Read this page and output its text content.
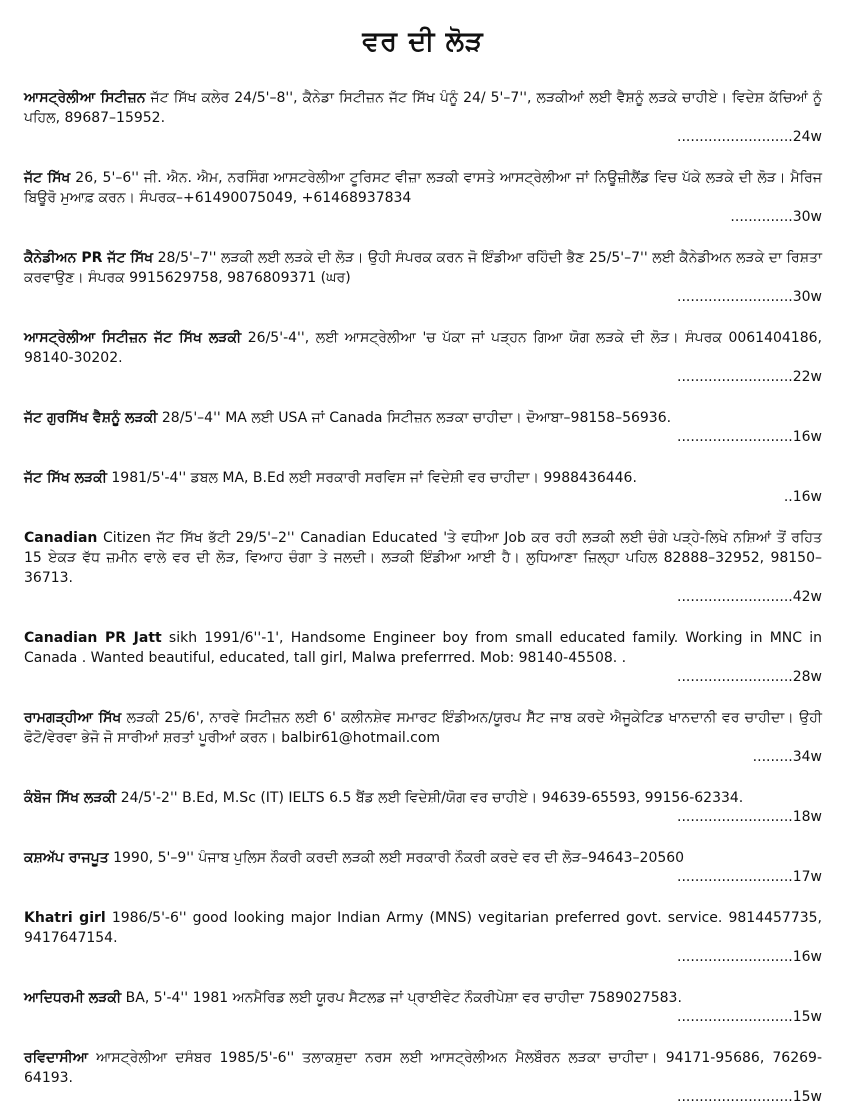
ਵਰ ਦੀ ਲੋੜ
ਆਸਟ੍ਰੇਲੀਆ ਸਿਟੀਜ਼ਨ ਜੱਟ ਸਿੱਖ ਕਲੇਰ 24/5'–8'', ਕੈਨੇਡਾ ਸਿਟੀਜ਼ਨ ਜੱਟ ਸਿੱਖ ਪੰਨੂੰ 24/ 5'–7'', ਲੜਕੀਆਂ ਲਈ ਵੈਸ਼ਨੂੰ ਲੜਕੇ ਚਾਹੀਏ। ਵਿਦੇਸ਼ ਕੱਚਿਆਂ ਨੂੰ ਪਹਿਲ, 89687–15952.
..........................24w
ਜੱਟ ਸਿੱਖ 26, 5'–6'' ਜੀ. ਐਨ. ਐਮ, ਨਰਸਿੰਗ ਆਸਟਰੇਲੀਆ ਟੂਰਿਸਟ ਵੀਜ਼ਾ ਲੜਕੀ ਵਾਸਤੇ ਆਸਟ੍ਰੇਲੀਆ ਜਾਂ ਨਿਊਜ਼ੀਲੈਂਡ ਵਿਚ ਪੱਕੇ ਲੜਕੇ ਦੀ ਲੋੜ। ਮੈਰਿਜ ਬਿਊਰੋ ਮੁਆਫ਼ ਕਰਨ। ਸੰਪਰਕ–+61490075049, +61468937834
..............30w
ਕੈਨੇਡੀਅਨ PR ਜੱਟ ਸਿੱਖ 28/5'–7'' ਲੜਕੀ ਲਈ ਲੜਕੇ ਦੀ ਲੋੜ। ਉਹੀ ਸੰਪਰਕ ਕਰਨ ਜੋ ਇੰਡੀਆ ਰਹਿੰਦੀ ਭੈਣ 25/5'–7'' ਲਈ ਕੈਨੇਡੀਅਨ ਲੜਕੇ ਦਾ ਰਿਸ਼ਤਾ ਕਰਵਾਉਣ। ਸੰਪਰਕ 9915629758, 9876809371 (ਘਰ)
..........................30w
ਆਸਟ੍ਰੇਲੀਆ ਸਿਟੀਜ਼ਨ ਜੱਟ ਸਿੱਖ ਲੜਕੀ 26/5'-4'', ਲਈ ਆਸਟ੍ਰੇਲੀਆ 'ਚ ਪੱਕਾ ਜਾਂ ਪੜ੍ਹਨ ਗਿਆ ਯੋਗ ਲੜਕੇ ਦੀ ਲੋੜ। ਸੰਪਰਕ 0061404186, 98140-30202.
..........................22w
ਜੱਟ ਗੁਰਸਿੱਖ ਵੈਸ਼ਨੂੰ ਲੜਕੀ 28/5'–4'' MA ਲਈ USA ਜਾਂ Canada ਸਿਟੀਜ਼ਨ ਲੜਕਾ ਚਾਹੀਦਾ। ਦੋਆਬਾ–98158–56936.
..........................16w
ਜੱਟ ਸਿੱਖ ਲੜਕੀ 1981/5'-4'' ਡਬਲ MA, B.Ed ਲਈ ਸਰਕਾਰੀ ਸਰਵਿਸ ਜਾਂ ਵਿਦੇਸ਼ੀ ਵਰ ਚਾਹੀਦਾ। 9988436446.
..16w
Canadian Citizen ਜੱਟ ਸਿੱਖ ਭੱਟੀ 29/5'–2'' Canadian Educated 'ਤੇ ਵਧੀਆ Job ਕਰ ਰਹੀ ਲੜਕੀ ਲਈ ਚੰਗੇ ਪੜ੍ਹੇ-ਲਿਖੇ ਨਸ਼ਿਆਂ ਤੋਂ ਰਹਿਤ 15 ਏਕੜ ਵੱਧ ਜ਼ਮੀਨ ਵਾਲੇ ਵਰ ਦੀ ਲੋੜ, ਵਿਆਹ ਚੰਗਾ ਤੇ ਜਲਦੀ। ਲੜਕੀ ਇੰਡੀਆ ਆਈ ਹੈ। ਲੁਧਿਆਣਾ ਜ਼ਿਲ੍ਹਾ ਪਹਿਲ 82888–32952, 98150–36713.
..........................42w
Canadian PR Jatt sikh 1991/6''-1', Handsome Engineer boy from small educated family. Working in MNC in Canada . Wanted beautiful, educated, tall girl, Malwa preferrred. Mob: 98140-45508. .
..........................28w
ਰਾਮਗੜ੍ਹੀਆ ਸਿੱਖ ਲੜਕੀ 25/6', ਨਾਰਵੇ ਸਿਟੀਜ਼ਨ ਲਈ 6' ਕਲੀਨਸ਼ੇਵ ਸਮਾਰਟ ਇੰਡੀਅਨ/ਯੂਰਪ ਸੈੱਟ ਜਾਬ ਕਰਦੇ ਐਜੂਕੇਟਿਡ ਖਾਨਦਾਨੀ ਵਰ ਚਾਹੀਦਾ। ਉਹੀ ਫੋਟੋ/ਵੇਰਵਾ ਭੇਜੋ ਜੋ ਸਾਰੀਆਂ ਸ਼ਰਤਾਂ ਪੂਰੀਆਂ ਕਰਨ। balbir61@hotmail.com
.........34w
ਕੰਬੋਜ ਸਿੱਖ ਲੜਕੀ 24/5'-2'' B.Ed, M.Sc (IT) IELTS 6.5 ਬੈਂਡ ਲਈ ਵਿਦੇਸ਼ੀ/ਯੋਗ ਵਰ ਚਾਹੀਏ। 94639-65593, 99156-62334.
..........................18w
ਕਸ਼ਅੱਪ ਰਾਜਪੂਤ 1990, 5'–9'' ਪੰਜਾਬ ਪੁਲਿਸ ਨੌਕਰੀ ਕਰਦੀ ਲੜਕੀ ਲਈ ਸਰਕਾਰੀ ਨੌਕਰੀ ਕਰਦੇ ਵਰ ਦੀ ਲੋੜ–94643–20560
..........................17w
Khatri girl 1986/5'-6'' good looking major Indian Army (MNS) vegitarian preferred govt. service. 9814457735, 9417647154.
..........................16w
ਆਦਿਧਰਮੀ ਲੜਕੀ BA, 5'-4'' 1981 ਅਨਮੈਰਿਡ ਲਈ ਯੂਰਪ ਸੈਟਲਡ ਜਾਂ ਪ੍ਰਾਈਵੇਟ ਨੌਕਰੀਪੇਸ਼ਾ ਵਰ ਚਾਹੀਦਾ 7589027583.
..........................15w
ਰਵਿਦਾਸੀਆ ਆਸਟ੍ਰੇਲੀਆ ਦਸੰਬਰ 1985/5'-6'' ਤਲਾਕਸ਼ੁਦਾ ਨਰਸ ਲਈ ਆਸਟ੍ਰੇਲੀਅਨ ਮੈਲਬੌਰਨ ਲੜਕਾ ਚਾਹੀਦਾ। 94171-95686, 76269-64193.
..........................15w
